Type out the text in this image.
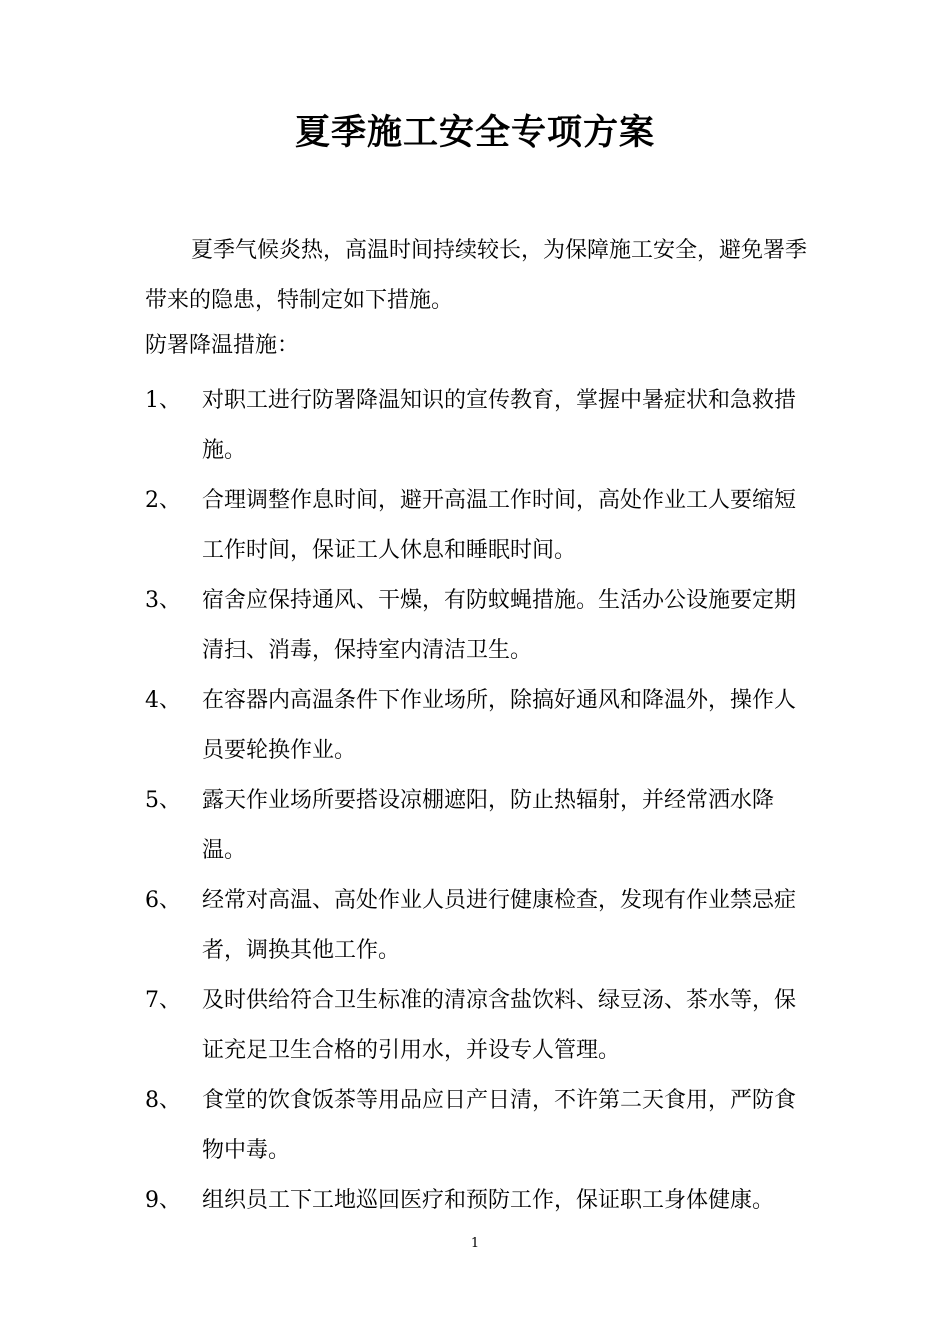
夏季施工安全专项方案
夏季气候炎热，高温时间持续较长，为保障施工安全，避免署季带来的隐患，特制定如下措施。
防署降温措施：
1、 对职工进行防署降温知识的宣传教育，掌握中暑症状和急救措施。
2、 合理调整作息时间，避开高温工作时间，高处作业工人要缩短工作时间，保证工人休息和睡眠时间。
3、 宿舍应保持通风、干燥，有防蚊蝇措施。生活办公设施要定期清扫、消毒，保持室内清洁卫生。
4、 在容器内高温条件下作业场所，除搞好通风和降温外，操作人员要轮换作业。
5、 露天作业场所要搭设凉棚遮阳，防止热辐射，并经常洒水降温。
6、 经常对高温、高处作业人员进行健康检查，发现有作业禁忌症者，调换其他工作。
7、 及时供给符合卫生标准的清凉含盐饮料、绿豆汤、茶水等，保证充足卫生合格的引用水，并设专人管理。
8、 食堂的饮食饭茶等用品应日产日清，不许第二天食用，严防食物中毒。
9、 组织员工下工地巡回医疗和预防工作，保证职工身体健康。
1
